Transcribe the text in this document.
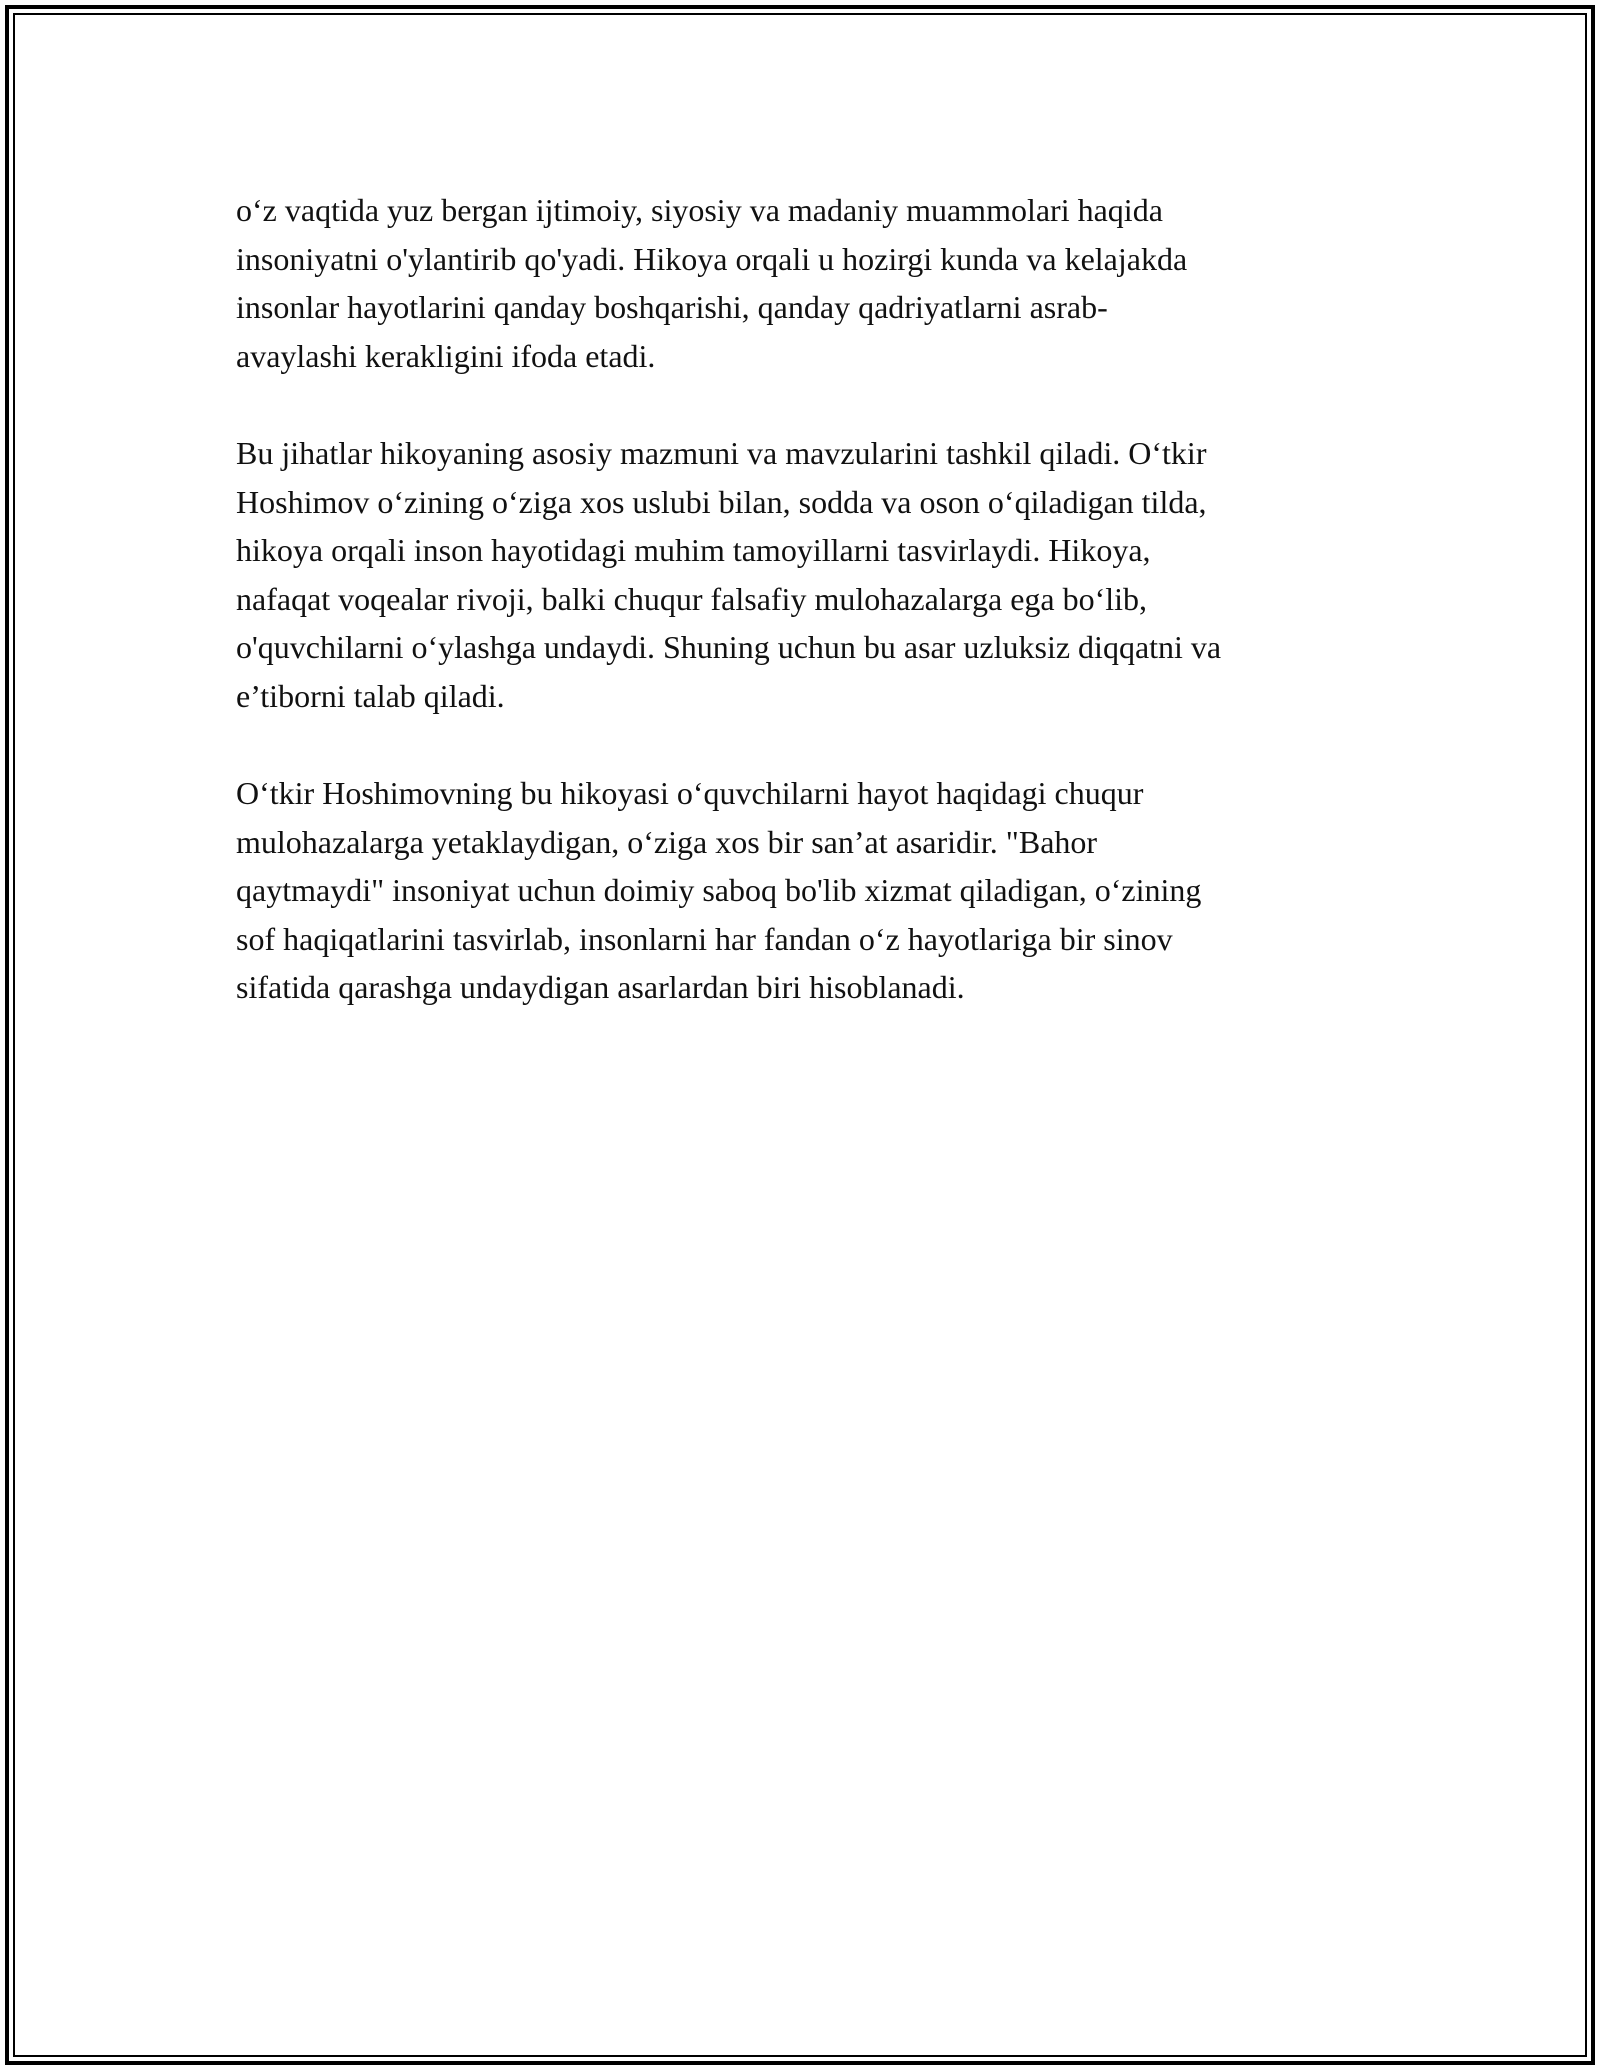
o‘z vaqtida yuz bergan ijtimoiy, siyosiy va madaniy muammolari haqida
insoniyatni o'ylantirib qo'yadi. Hikoya orqali u hozirgi kunda va kelajakda
insonlar hayotlarini qanday boshqarishi, qanday qadriyatlarni asrab-
avaylashi kerakligini ifoda etadi.

Bu jihatlar hikoyaning asosiy mazmuni va mavzularini tashkil qiladi. O‘tkir
Hoshimov o‘zining o‘ziga xos uslubi bilan, sodda va oson o‘qiladigan tilda,
hikoya orqali inson hayotidagi muhim tamoyillarni tasvirlaydi. Hikoya,
nafaqat voqealar rivoji, balki chuqur falsafiy mulohazalarga ega bo‘lib,
o'quvchilarni o‘ylashga undaydi. Shuning uchun bu asar uzluksiz diqqatni va
e’tiborni talab qiladi.

O‘tkir Hoshimovning bu hikoyasi o‘quvchilarni hayot haqidagi chuqur
mulohazalarga yetaklaydigan, o‘ziga xos bir san’at asaridir. "Bahor
qaytmaydi" insoniyat uchun doimiy saboq bo'lib xizmat qiladigan, o‘zining
sof haqiqatlarini tasvirlab, insonlarni har fandan o‘z hayotlariga bir sinov
sifatida qarashga undaydigan asarlardan biri hisoblanadi.
